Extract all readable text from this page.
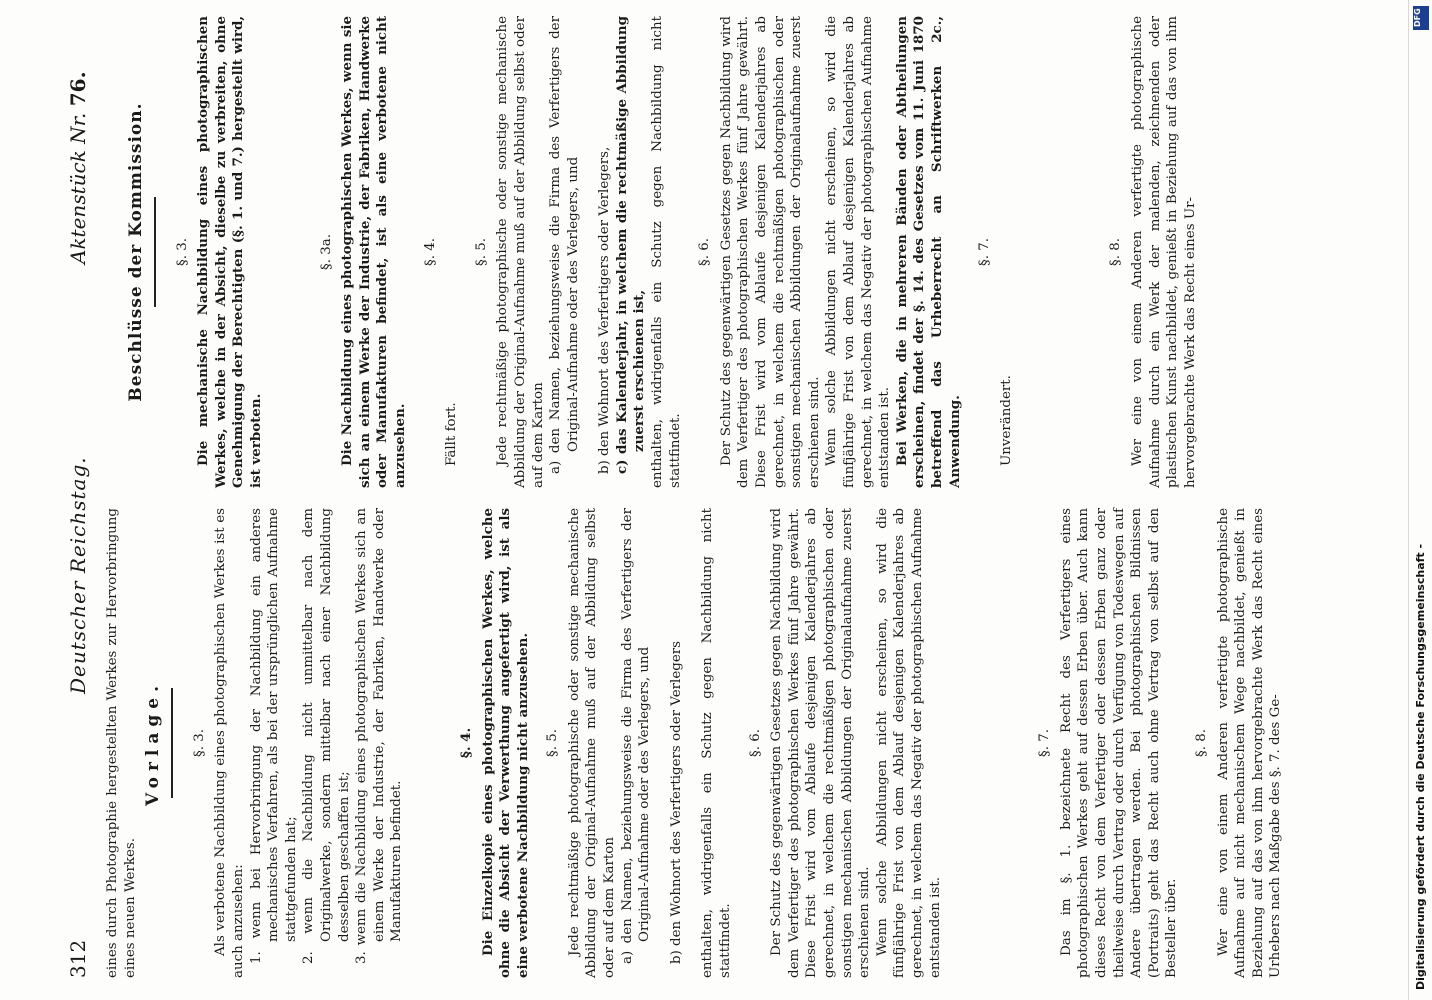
312
Deutscher Reichstag.
Aktenstück Nr. 76.

eines durch Photographie hergestellten Werkes zur Hervorbringung eines neuen Werkes.

Vorlage. §. 3. Als verbotene Nachbildung eines photographischen Werkes ist es auch anzusehen: 1. wenn bei Hervorbringung der Nachbildung ein anderes mechanisches Verfahren, als bei der ursprünglichen Aufnahme stattgefunden hat; 2. wenn die Nachbildung nicht unmittelbar nach dem Originalwerke, sondern mittelbar nach einer Nachbildung desselben geschaffen ist; 3. wenn die Nachbildung eines photographischen Werkes sich an einem Werke der Industrie, der Fabriken, Handwerke oder Manufakturen befindet.
§. 4. Die Einzelkopie eines photographischen Werkes, welche ohne die Absicht der Verwerthung angefertigt wird, ist als eine verbotene Nachbildung nicht anzusehen. §. 5. Jede rechtmäßige photographische oder sonstige mechanische Abbildung der Original-Aufnahme muß auf der Abbildung selbst oder auf dem Karton a) den Namen, beziehungsweise die Firma des Verfertigers der Original-Aufnahme oder des Verlegers, und b) den Wohnort des Verfertigers oder Verlegers enthalten, widrigenfalls ein Schutz gegen Nachbildung nicht stattfindet.

§. 6. Der Schutz des gegenwärtigen Gesetzes gegen Nachbildung wird dem Verfertiger des photographischen Werkes fünf Jahre gewährt. Diese Frist wird vom Ablaufe desjenigen Kalenderjahres ab gerechnet, in welchem die rechtmäßigen photographischen oder sonstigen mechanischen Abbildungen der Originalaufnahme zuerst erschienen sind. Wenn solche Abbildungen nicht erscheinen, so wird die fünfjährige Frist von dem Ablauf desjenigen Kalenderjahres ab gerechnet, in welchem das Negativ der photographischen Aufnahme entstanden ist.

§. 7. Das im §. 1. bezeichnete Recht des Verfertigers eines photographischen Werkes geht auf dessen Erben über. Auch kann dieses Recht von dem Verfertiger oder dessen Erben ganz oder theilweise durch Vertrag oder durch Verfügung von Todeswegen auf Andere übertragen werden. Bei photographischen Bildnissen (Portraits) geht das Recht auch ohne Vertrag von selbst auf den Besteller über.

§. 8. Wer eine von einem Anderen verfertigte photographische Aufnahme auf nicht mechanischem Wege nachbildet, genießt in Beziehung auf das von ihm hervorgebrachte Werk das Recht eines Urhebers nach Maßgabe des §. 7. des Ge-

Beschlüsse der Kommission. §. 3. Die mechanische Nachbildung eines photographischen Werkes, welche in der Absicht, dieselbe zu verbreiten, ohne Genehmigung der Berechtigten (§. 1. und 7.) hergestellt wird, ist verboten.

§. 3a. Die Nachbildung eines photographischen Werkes, wenn sie sich an einem Werke der Industrie, der Fabriken, Handwerke oder Manufakturen befindet, ist als eine verbotene nicht anzusehen.

§. 4.

Fällt fort.

§. 5. Jede rechtmäßige photographische oder sonstige mechanische Abbildung der Original-Aufnahme muß auf der Abbildung selbst oder auf dem Karton a) den Namen, beziehungsweise die Firma des Verfertigers der Original-Aufnahme oder des Verlegers, und b) den Wohnort des Verfertigers oder Verlegers, c) das Kalenderjahr, in welchem die rechtmäßige Abbildung zuerst erschienen ist, enthalten, widrigenfalls ein Schutz gegen Nachbildung nicht stattfindet.

§. 6. Der Schutz des gegenwärtigen Gesetzes gegen Nachbildung wird dem Verfertiger des photographischen Werkes fünf Jahre gewährt. Diese Frist wird vom Ablaufe desjenigen Kalenderjahres ab gerechnet, in welchem die rechtmäßigen photographischen oder sonstigen mechanischen Abbildungen der Originalaufnahme zuerst erschienen sind. Wenn solche Abbildungen nicht erscheinen, so wird die fünfjährige Frist von dem Ablauf desjenigen Kalenderjahres ab gerechnet, in welchem das Negativ der photographischen Aufnahme entstanden ist. Bei Werken, die in mehreren Bänden oder Abtheilungen erscheinen, findet der §. 14. des Gesetzes vom 11. Juni 1870 betreffend das Urheberrecht an Schriftwerken 2c., Anwendung.

§. 7.

Unverändert.

§. 8. Wer eine von einem Anderen verfertigte photographische Aufnahme durch ein Werk der malenden, zeichnenden oder plastischen Kunst nachbildet, genießt in Beziehung auf das von ihm hervorgebrachte Werk das Recht eines Ur-

Digitalisierung gefördert durch die Deutsche Forschungsgemeinschaft -
DFG
